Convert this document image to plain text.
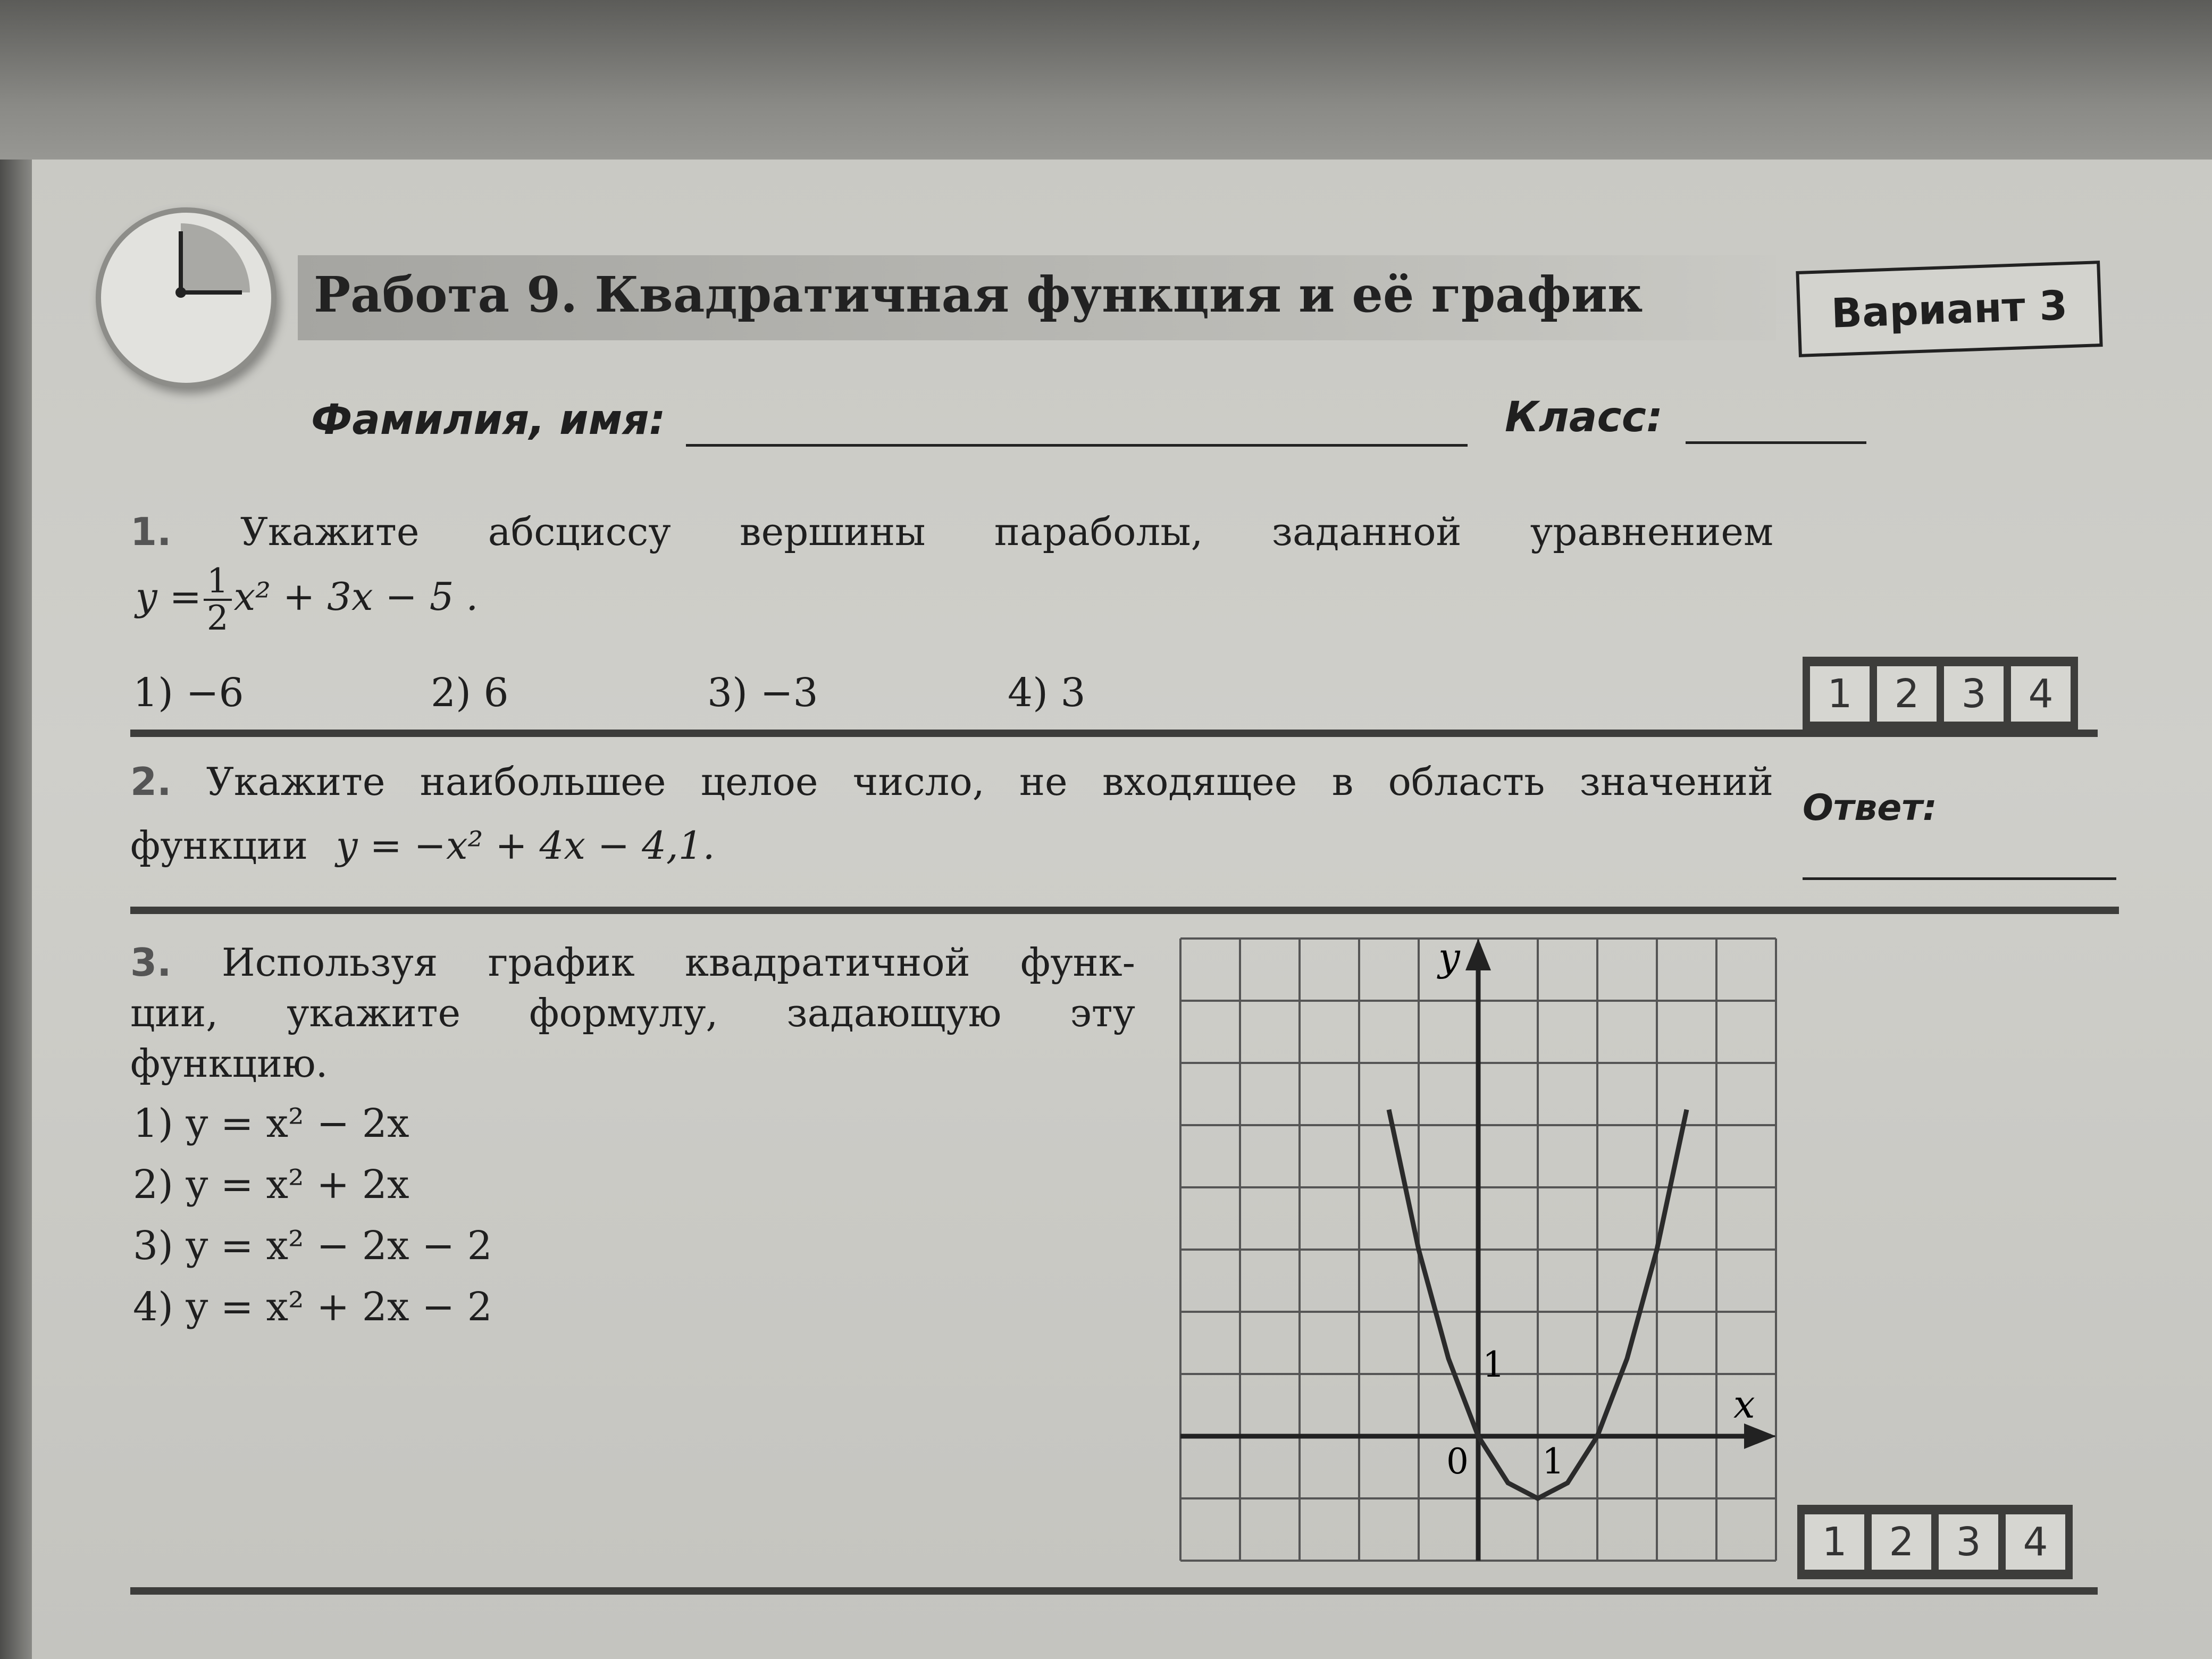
Работа 9. Квадратичная функция и её график	Вариант 3
Фамилия, имя:	Класс:
1. Укажите абсциссу вершины параболы, заданной уравнением
$y = \frac{1}{2} x^2 + 3x - 5$ .
1) −6	2) 6	3) −3	4) 3	1	2	3	4
2. Укажите наибольшее целое число, не входящее в область значений
функции y = −x² + 4x − 4,1.
Ответ:
3. Используя график квадратичной функ-
ции, укажите формулу, задающую эту
функцию.
1) y = x² − 2x
2) y = x² + 2x
3) y = x² − 2x − 2
4) y = x² + 2x − 2
y
x
0
1
1
1	2	3	4
